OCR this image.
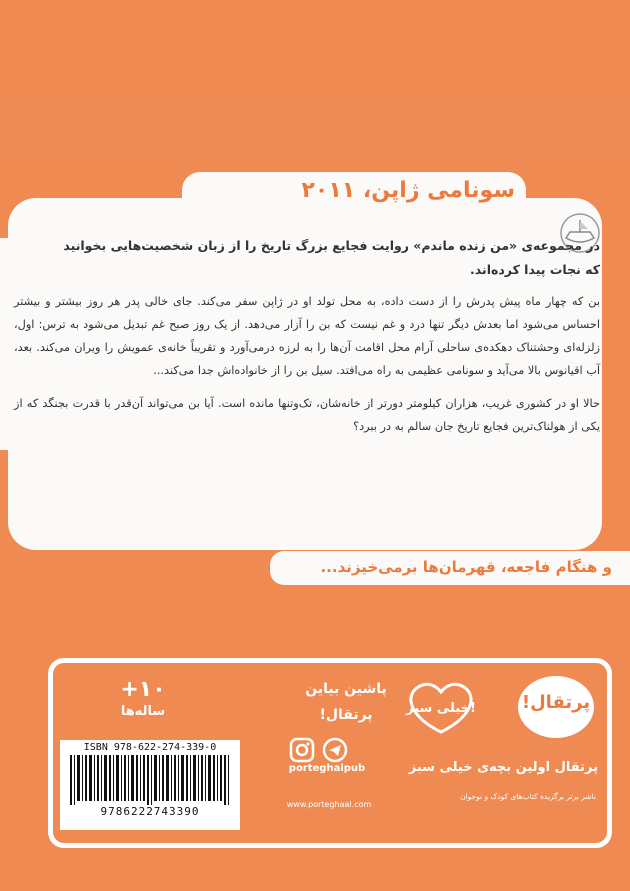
سونامی ژاپن، ۲۰۱۱
در مجموعه‌ی «من زنده ماندم» روایت فجایع بزرگ تاریخ را از زبان شخصیت‌هایی بخوانید که نجات پیدا کرده‌اند.

بن که چهار ماه پیش پدرش را از دست داده، به محل تولد او در ژاپن سفر می‌کند. جای خالی پدر هر روز بیشتر و بیشتر احساس می‌شود اما بعدش دیگر تنها درد و غم نیست که بن را آزار می‌دهد. از یک روز صبح غم تبدیل می‌شود به ترس: اول، زلزله‌ای وحشتناک دهکده‌ی ساحلی آرام محل اقامت آن‌ها را به لرزه درمی‌آورد و تقریباً خانه‌ی عمویش را ویران می‌کند. بعد، آب اقیانوس بالا می‌آید و سونامی عظیمی به راه می‌افتد. سیل بن را از خانواده‌اش جدا می‌کند...

حالا او در کشوری غریب، هزاران کیلومتر دورتر از خانه‌شان، تک‌وتنها مانده است. آیا بن می‌تواند آن‌قدر با قدرت بجنگد که از یکی از هولناک‌ترین فجایع تاریخ جان سالم به در ببرد؟

و هنگام فاجعه، قهرمان‌ها برمی‌خیزند...
+۱۰
ساله‌ها
پاشین بیاین
پرتقال!
porteghalpub
www.porteghaal.com
پرتقال!
خیلی سبز!
پرتقال اولین بچه‌ی خیلی سبز
ناشر برتر برگزیده کتاب‌های کودک و نوجوان
ISBN 978-622-274-339-0
9786222743390
